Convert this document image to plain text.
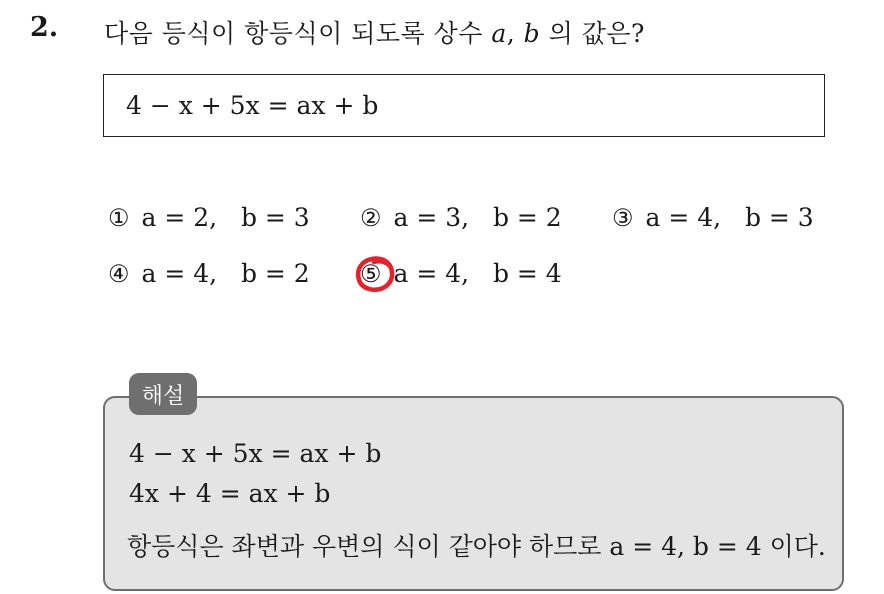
2. 다음 등식이 항등식이 되도록 상수 a, b 의 값은?
4 − x + 5x = ax + b
① a = 2,   b = 3 ② a = 3,   b = 2 ③ a = 4,   b = 3
④ a = 4,   b = 2 ⑤ a = 4,   b = 4
해설
4 − x + 5x = ax + b
4x + 4 = ax + b
항등식은 좌변과 우변의 식이 같아야 하므로 a = 4, b = 4 이다.
